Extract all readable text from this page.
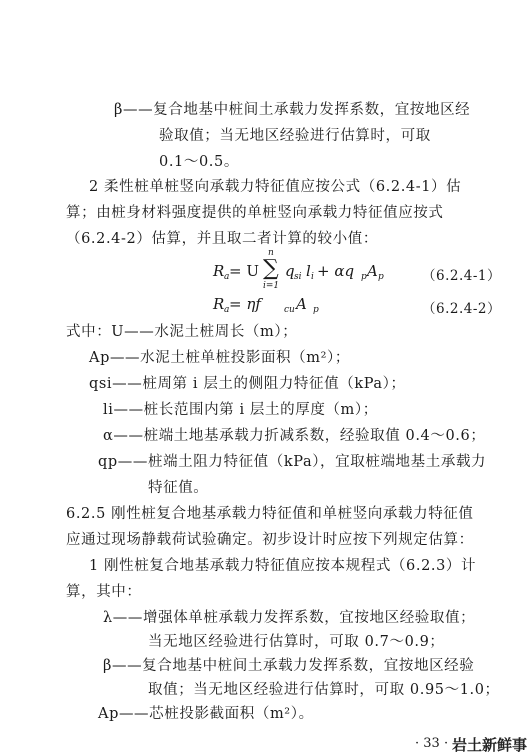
β——复合地基中桩间土承载力发挥系数，宜按地区经
验取值；当无地区经验进行估算时，可取
0.1～0.5。
2 柔性桩单桩竖向承载力特征值应按公式（6.2.4-1）估
算；由桩身材料强度提供的单桩竖向承载力特征值应按式
（6.2.4-2）估算，并且取二者计算的较小值：
R a = U
n
∑
i=1
q si l i + αq p A p	（6.2.4-1）
R a = ηf	cu A p	（6.2.4-2）
式中：U——水泥土桩周长（m）；
Ap——水泥土桩单桩投影面积（m²）；
qsi——桩周第 i 层土的侧阻力特征值（kPa）；
li——桩长范围内第 i 层土的厚度（m）；
α——桩端土地基承载力折减系数，经验取值 0.4～0.6；
qp——桩端土阻力特征值（kPa），宜取桩端地基土承载力
特征值。
6.2.5 刚性桩复合地基承载力特征值和单桩竖向承载力特征值
应通过现场静载荷试验确定。初步设计时应按下列规定估算：
1 刚性桩复合地基承载力特征值应按本规程式（6.2.3）计
算，其中：
λ——增强体单桩承载力发挥系数，宜按地区经验取值；
当无地区经验进行估算时，可取 0.7～0.9；
β——复合地基中桩间土承载力发挥系数，宜按地区经验
取值；当无地区经验进行估算时，可取 0.95～1.0；
Ap——芯桩投影截面积（m²）。
· 33 · 岩土新鲜事
